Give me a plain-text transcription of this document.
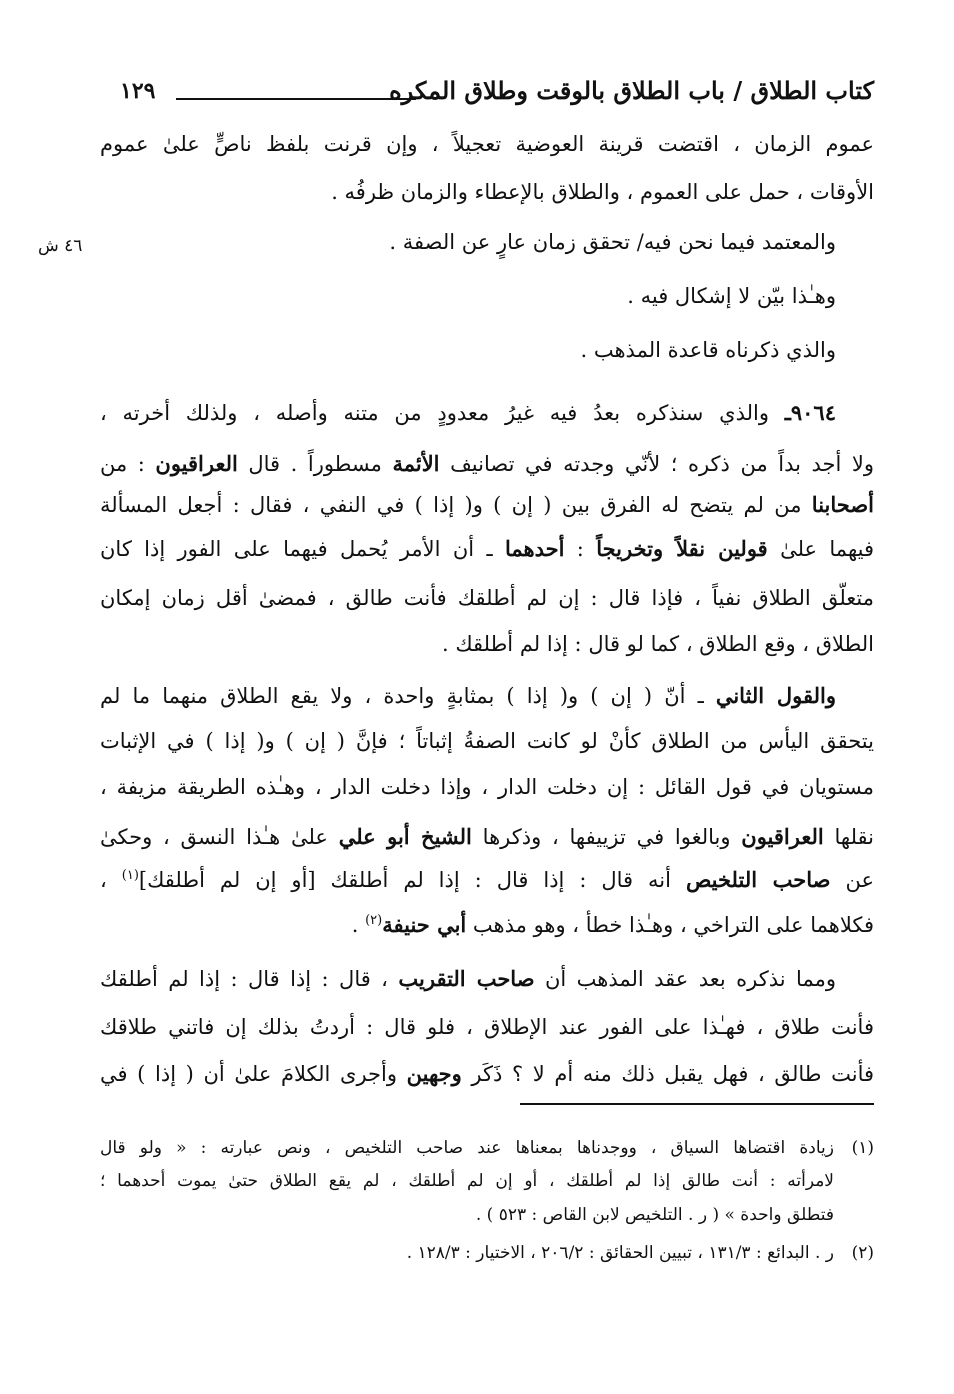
كتاب الطلاق / باب الطلاق بالوقت وطلاق المكره
١٢٩
٤٦ ش
عموم الزمان ، اقتضت قرينة العوضية تعجيلاً ، وإن قرنت بلفظ ناصٍّ علىٰ عموم
الأوقات ، حمل على العموم ، والطلاق بالإعطاء والزمان ظرفُه .
والمعتمد فيما نحن فيه/ تحقق زمان عارٍ عن الصفة .
وهـٰذا بيّن لا إشكال فيه .
والذي ذكرناه قاعدة المذهب .
٩٠٦٤ـ والذي سنذكره بعدُ فيه غيرُ معدودٍ من متنه وأصله ، ولذلك أخرته ،
ولا أجد بداً من ذكره ؛ لأنّي وجدته في تصانيف الأئمة مسطوراً . قال العراقيون : من
أصحابنا من لم يتضح له الفرق بين ( إن ) و( إذا ) في النفي ، فقال : أجعل المسألة
فيهما علىٰ قولين نقلاً وتخريجاً : أحدهما ـ أن الأمر يُحمل فيهما على الفور إذا كان
متعلّق الطلاق نفياً ، فإذا قال : إن لم أطلقك فأنت طالق ، فمضىٰ أقل زمان إمكان
الطلاق ، وقع الطلاق ، كما لو قال : إذا لم أطلقك .
والقول الثاني ـ أنّ ( إن ) و( إذا ) بمثابةٍ واحدة ، ولا يقع الطلاق منهما ما لم
يتحقق اليأس من الطلاق كأنْ لو كانت الصفةُ إثباتاً ؛ فإنَّ ( إن ) و( إذا ) في الإثبات
مستويان في قول القائل : إن دخلت الدار ، وإذا دخلت الدار ، وهـٰذه الطريقة مزيفة ،
نقلها العراقيون وبالغوا في تزييفها ، وذكرها الشيخ أبو علي علىٰ هـٰذا النسق ، وحكىٰ
عن صاحب التلخيص أنه قال : إذا قال : إذا لم أطلقك [أو إن لم أطلقك]$^{(١)}$ ،
فكلاهما على التراخي ، وهـٰذا خطأ ، وهو مذهب أبي حنيفة$^{(٢)}$ .
ومما نذكره بعد عقد المذهب أن صاحب التقريب ، قال : إذا قال : إذا لم أطلقك
فأنت طلاق ، فهـٰذا على الفور عند الإطلاق ، فلو قال : أردتُ بذلك إن فاتني طلاقك
فأنت طالق ، فهل يقبل ذلك منه أم لا ؟ ذَكَر وجهين وأجرى الكلامَ علىٰ أن ( إذا ) في
(١)زيادة اقتضاها السياق ، ووجدناها بمعناها عند صاحب التلخيص ، ونص عبارته : « ولو قال
لامرأته : أنت طالق إذا لم أطلقك ، أو إن لم أطلقك ، لم يقع الطلاق حتىٰ يموت أحدهما ؛
فتطلق واحدة » ( ر . التلخيص لابن القاص : ٥٢٣ ) .
(٢)ر . البدائع : ١٣١/٣ ، تبيين الحقائق : ٢٠٦/٢ ، الاختيار : ١٢٨/٣ .
